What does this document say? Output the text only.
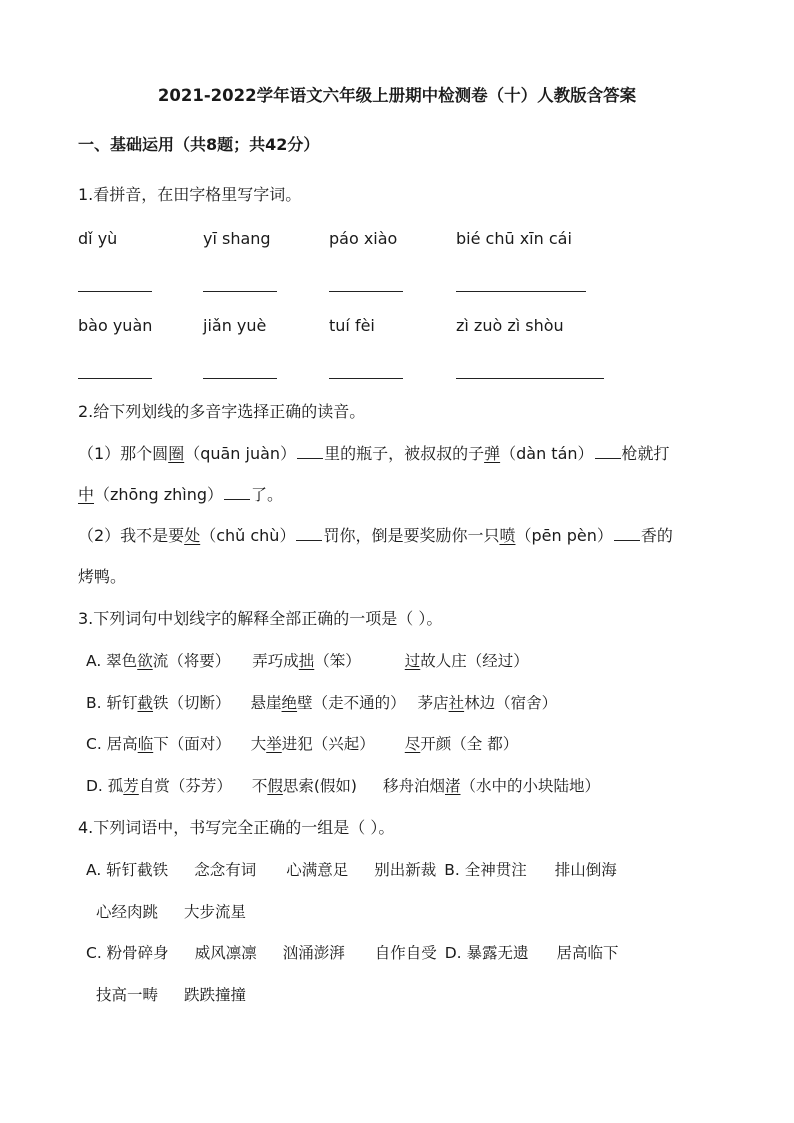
2021-2022学年语文六年级上册期中检测卷（十）人教版含答案
一、基础运用（共8题；共42分）
1.看拼音，在田字格里写字词。
dǐ yù	yī shang	páo xiào	bié chū xīn cái
bào yuàn	jiǎn yuè	tuí fèi	zì zuò zì shòu
2.给下列划线的多音字选择正确的读音。
（1）那个圆圈（quān juàn） 里的瓶子，被叔叔的子弹（dàn tán） 枪就打
中（zhōng zhìng） 了。
（2）我不是要处（chǔ chù） 罚你，倒是要奖励你一只喷（pēn pèn） 香的
烤鸭。
3.下列词句中划线字的解释全部正确的一项是（ ）。
A. 翠色欲流（将要） 弄巧成拙（笨）	过故人庄（经过）
B. 斩钉截铁（切断） 悬崖绝壁（走不通的） 茅店社林边（宿舍）
C. 居高临下（面对） 大举进犯（兴起） 尽开颜（全 都）
D. 孤芳自赏（芬芳） 不假思索(假如) 移舟泊烟渚（水中的小块陆地）
4.下列词语中，书写完全正确的一组是（ ）。
A. 斩钉截铁 念念有词 心满意足 别出新裁 B. 全神贯注 排山倒海
心经肉跳 大步流星
C. 粉骨碎身 威风凛凛 汹涌澎湃 自作自受 D. 暴露无遗 居高临下
技高一畴 跌跌撞撞
